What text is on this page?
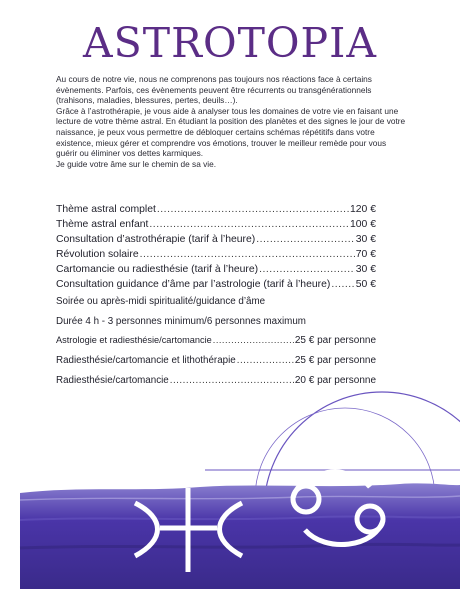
ASTROTOPIA

Au cours de notre vie, nous ne comprenons pas toujours nos réactions face à certains évènements. Parfois, ces évènements peuvent être récurrents ou transgénérationnels (trahisons, maladies, blessures, pertes, deuils…).

Grâce à l’astrothérapie, je vous aide à analyser tous les domaines de votre vie en faisant une lecture de votre thème astral. En étudiant la position des planètes et des signes le jour de votre naissance, je peux vous permettre de débloquer certains schémas répétitifs dans votre existence, mieux gérer et comprendre vos émotions, trouver le meilleur remède pour vous guérir ou éliminer vos dettes karmiques.

Je guide votre âme sur le chemin de sa vie.

Thème astral complet .....	120 €
Thème astral enfant .....	100 €
Consultation d’astrothérapie (tarif à l’heure) .....	30 €
Révolution solaire .....	70 €
Cartomancie ou radiesthésie (tarif à l’heure) .....	30 €
Consultation guidance d’âme par l’astrologie (tarif à l’heure) ..... 50 €
Soirée ou après-midi spiritualité/guidance d’âme
Durée 4 h - 3 personnes minimum/6 personnes maximum
Astrologie et radiesthésie/cartomancie .....	25 € par personne
Radiesthésie/cartomancie et lithothérapie .....	25 € par personne
Radiesthésie/cartomancie .....	20 € par personne
